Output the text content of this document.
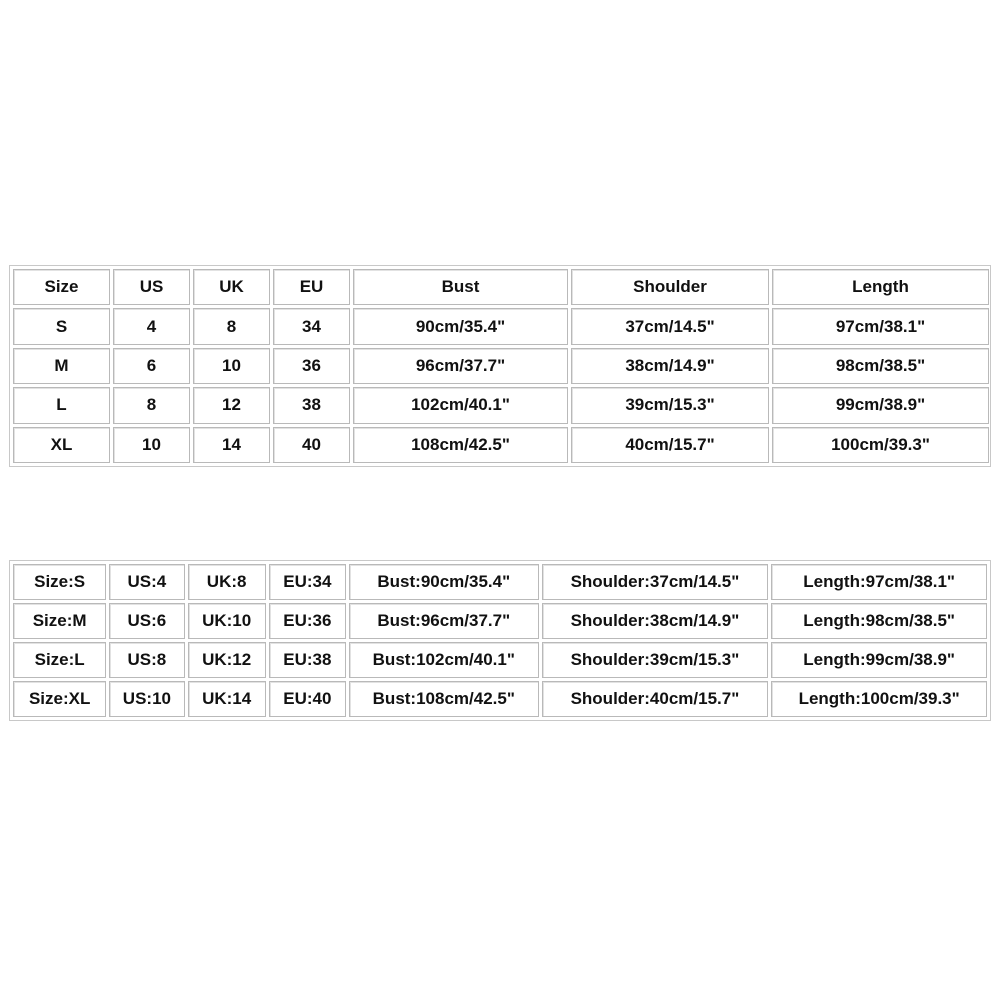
Size	US	UK	EU	Bust	Shoulder	Length
S	4	8	34	90cm/35.4"	37cm/14.5"	97cm/38.1"
M	6	10	36	96cm/37.7"	38cm/14.9"	98cm/38.5"
L	8	12	38	102cm/40.1"	39cm/15.3"	99cm/38.9"
XL	10	14	40	108cm/42.5"	40cm/15.7"	100cm/39.3"
Size:S	US:4	UK:8	EU:34	Bust:90cm/35.4"	Shoulder:37cm/14.5"	Length:97cm/38.1"
Size:M	US:6	UK:10	EU:36	Bust:96cm/37.7"	Shoulder:38cm/14.9"	Length:98cm/38.5"
Size:L	US:8	UK:12	EU:38	Bust:102cm/40.1"	Shoulder:39cm/15.3"	Length:99cm/38.9"
Size:XL	US:10	UK:14	EU:40	Bust:108cm/42.5"	Shoulder:40cm/15.7"	Length:100cm/39.3"
